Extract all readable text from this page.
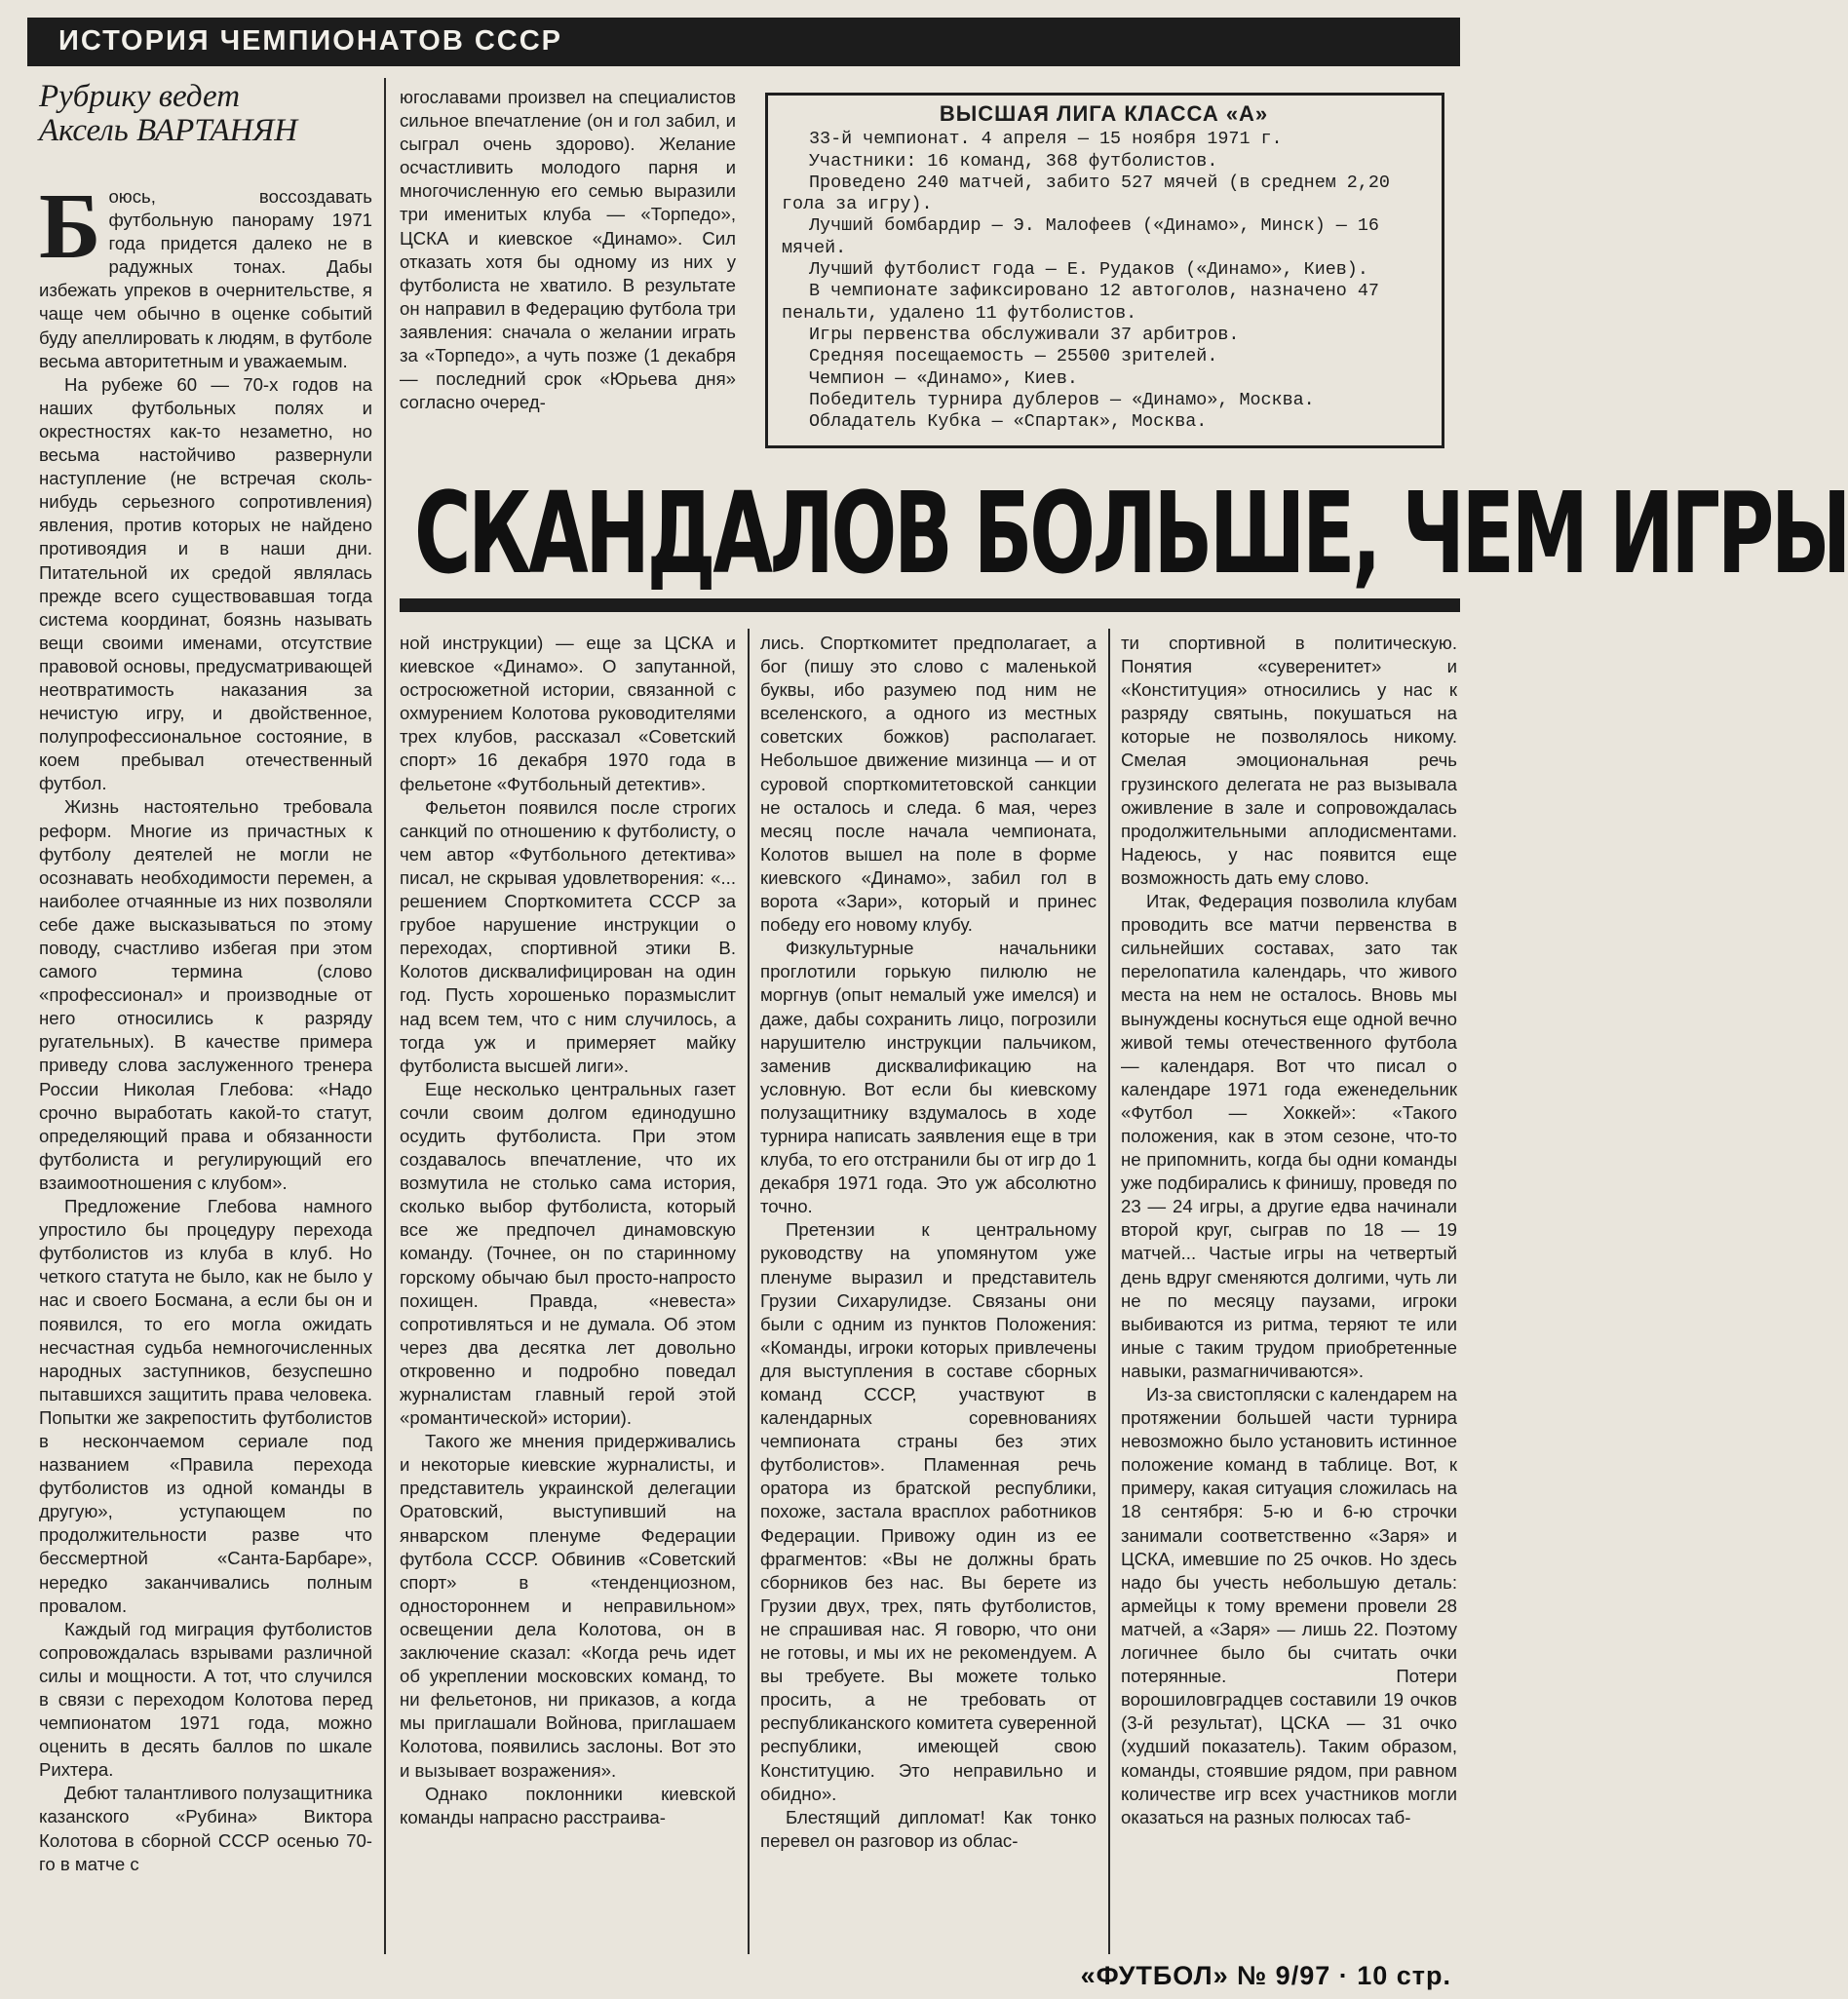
ИСТОРИЯ ЧЕМПИОНАТОВ СССР
Рубрику ведет
Аксель ВАРТАНЯН

Боюсь, воссоздавать футбольную панораму 1971 года придется далеко не в радужных тонах. Дабы избежать упреков в очернительстве, я чаще чем обычно в оценке событий буду апеллировать к людям, в футболе весьма авторитетным и уважаемым.

На рубеже 60 — 70-х годов на наших футбольных полях и окрестностях как-то незаметно, но весьма настойчиво развернули наступление (не встречая сколь-нибудь серьезного сопротивления) явления, против которых не найдено противоядия и в наши дни. Питательной их средой являлась прежде всего существовавшая тогда система координат, боязнь называть вещи своими именами, отсутствие правовой основы, предусматривающей неотвратимость наказания за нечистую игру, и двойственное, полупрофессиональное состояние, в коем пребывал отечественный футбол.

Жизнь настоятельно требовала реформ. Многие из причастных к футболу деятелей не могли не осознавать необходимости перемен, а наиболее отчаянные из них позволяли себе даже высказываться по этому поводу, счастливо избегая при этом самого термина (слово «профессионал» и производные от него относились к разряду ругательных). В качестве примера приведу слова заслуженного тренера России Николая Глебова: «Надо срочно выработать какой-то статут, определяющий права и обязанности футболиста и регулирующий его взаимоотношения с клубом».

Предложение Глебова намного упростило бы процедуру перехода футболистов из клуба в клуб. Но четкого статута не было, как не было у нас и своего Босмана, а если бы он и появился, то его могла ожидать несчастная судьба немногочисленных народных заступников, безуспешно пытавшихся защитить права человека. Попытки же закрепостить футболистов в нескончаемом сериале под названием «Правила перехода футболистов из одной команды в другую», уступающем по продолжительности разве что бессмертной «Санта-Барбаре», нередко заканчивались полным провалом.

Каждый год миграция футболистов сопровождалась взрывами различной силы и мощности. А тот, что случился в связи с переходом Колотова перед чемпионатом 1971 года, можно оценить в десять баллов по шкале Рихтера.

Дебют талантливого полузащитника казанского «Рубина» Виктора Колотова в сборной СССР осенью 70-го в матче с

югославами произвел на специалистов сильное впечатление (он и гол забил, и сыграл очень здорово). Желание осчастливить молодого парня и многочисленную его семью выразили три именитых клуба — «Торпедо», ЦСКА и киевское «Динамо». Сил отказать хотя бы одному из них у футболиста не хватило. В результате он направил в Федерацию футбола три заявления: сначала о желании играть за «Торпедо», а чуть позже (1 декабря — последний срок «Юрьева дня» согласно очеред-

ВЫСШАЯ ЛИГА КЛАССА «А»

33-й чемпионат. 4 апреля — 15 ноября 1971 г.

Участники: 16 команд, 368 футболистов.

Проведено 240 матчей, забито 527 мячей (в среднем 2,20 гола за игру).

Лучший бомбардир — Э. Малофеев («Динамо», Минск) — 16 мячей.

Лучший футболист года — Е. Рудаков («Динамо», Киев).

В чемпионате зафиксировано 12 автоголов, назначено 47 пенальти, удалено 11 футболистов.

Игры первенства обслуживали 37 арбитров.

Средняя посещаемость — 25500 зрителей.

Чемпион — «Динамо», Киев.

Победитель турнира дублеров — «Динамо», Москва.

Обладатель Кубка — «Спартак», Москва.

СКАНДАЛОВ БОЛЬШЕ, ЧЕМ ИГРЫ

ной инструкции) — еще за ЦСКА и киевское «Динамо». О запутанной, остросюжетной истории, связанной с охмурением Колотова руководителями трех клубов, рассказал «Советский спорт» 16 декабря 1970 года в фельетоне «Футбольный детектив».

Фельетон появился после строгих санкций по отношению к футболисту, о чем автор «Футбольного детектива» писал, не скрывая удовлетворения: «... решением Спорткомитета СССР за грубое нарушение инструкции о переходах, спортивной этики В. Колотов дисквалифицирован на один год. Пусть хорошенько поразмыслит над всем тем, что с ним случилось, а тогда уж и примеряет майку футболиста высшей лиги».

Еще несколько центральных газет сочли своим долгом единодушно осудить футболиста. При этом создавалось впечатление, что их возмутила не столько сама история, сколько выбор футболиста, который все же предпочел динамовскую команду. (Точнее, он по старинному горскому обычаю был просто-напросто похищен. Правда, «невеста» сопротивляться и не думала. Об этом через два десятка лет довольно откровенно и подробно поведал журналистам главный герой этой «романтической» истории).

Такого же мнения придерживались и некоторые киевские журналисты, и представитель украинской делегации Оратовский, выступивший на январском пленуме Федерации футбола СССР. Обвинив «Советский спорт» в «тенденциозном, одностороннем и неправильном» освещении дела Колотова, он в заключение сказал: «Когда речь идет об укреплении московских команд, то ни фельетонов, ни приказов, а когда мы приглашали Войнова, приглашаем Колотова, появились заслоны. Вот это и вызывает возражения».

Однако поклонники киевской команды напрасно расстраива-

лись. Спорткомитет предполагает, а бог (пишу это слово с маленькой буквы, ибо разумею под ним не вселенского, а одного из местных советских божков) располагает. Небольшое движение мизинца — и от суровой спорткомитетовской санкции не осталось и следа. 6 мая, через месяц после начала чемпионата, Колотов вышел на поле в форме киевского «Динамо», забил гол в ворота «Зари», который и принес победу его новому клубу.

Физкультурные начальники проглотили горькую пилюлю не моргнув (опыт немалый уже имелся) и даже, дабы сохранить лицо, погрозили нарушителю инструкции пальчиком, заменив дисквалификацию на условную. Вот если бы киевскому полузащитнику вздумалось в ходе турнира написать заявления еще в три клуба, то его отстранили бы от игр до 1 декабря 1971 года. Это уж абсолютно точно.

Претензии к центральному руководству на упомянутом уже пленуме выразил и представитель Грузии Сихарулидзе. Связаны они были с одним из пунктов Положения: «Команды, игроки которых привлечены для выступления в составе сборных команд СССР, участвуют в календарных соревнованиях чемпионата страны без этих футболистов». Пламенная речь оратора из братской республики, похоже, застала врасплох работников Федерации. Привожу один из ее фрагментов: «Вы не должны брать сборников без нас. Вы берете из Грузии двух, трех, пять футболистов, не спрашивая нас. Я говорю, что они не готовы, и мы их не рекомендуем. А вы требуете. Вы можете только просить, а не требовать от республиканского комитета суверенной республики, имеющей свою Конституцию. Это неправильно и обидно».

Блестящий дипломат! Как тонко перевел он разговор из облас-

ти спортивной в политическую. Понятия «суверенитет» и «Конституция» относились у нас к разряду святынь, покушаться на которые не позволялось никому. Смелая эмоциональная речь грузинского делегата не раз вызывала оживление в зале и сопровождалась продолжительными аплодисментами. Надеюсь, у нас появится еще возможность дать ему слово.

Итак, Федерация позволила клубам проводить все матчи первенства в сильнейших составах, зато так перелопатила календарь, что живого места на нем не осталось. Вновь мы вынуждены коснуться еще одной вечно живой темы отечественного футбола — календаря. Вот что писал о календаре 1971 года еженедельник «Футбол — Хоккей»: «Такого положения, как в этом сезоне, что-то не припомнить, когда бы одни команды уже подбирались к финишу, проведя по 23 — 24 игры, а другие едва начинали второй круг, сыграв по 18 — 19 матчей... Частые игры на четвертый день вдруг сменяются долгими, чуть ли не по месяцу паузами, игроки выбиваются из ритма, теряют те или иные с таким трудом приобретенные навыки, размагничиваются».

Из-за свистопляски с календарем на протяжении большей части турнира невозможно было установить истинное положение команд в таблице. Вот, к примеру, какая ситуация сложилась на 18 сентября: 5-ю и 6-ю строчки занимали соответственно «Заря» и ЦСКА, имевшие по 25 очков. Но здесь надо бы учесть небольшую деталь: армейцы к тому времени провели 28 матчей, а «Заря» — лишь 22. Поэтому логичнее было бы считать очки потерянные. Потери ворошиловградцев составили 19 очков (3-й результат), ЦСКА — 31 очко (худший показатель). Таким образом, команды, стоявшие рядом, при равном количестве игр всех участников могли оказаться на разных полюсах таб-

«ФУТБОЛ» № 9/97 · 10 стр.
